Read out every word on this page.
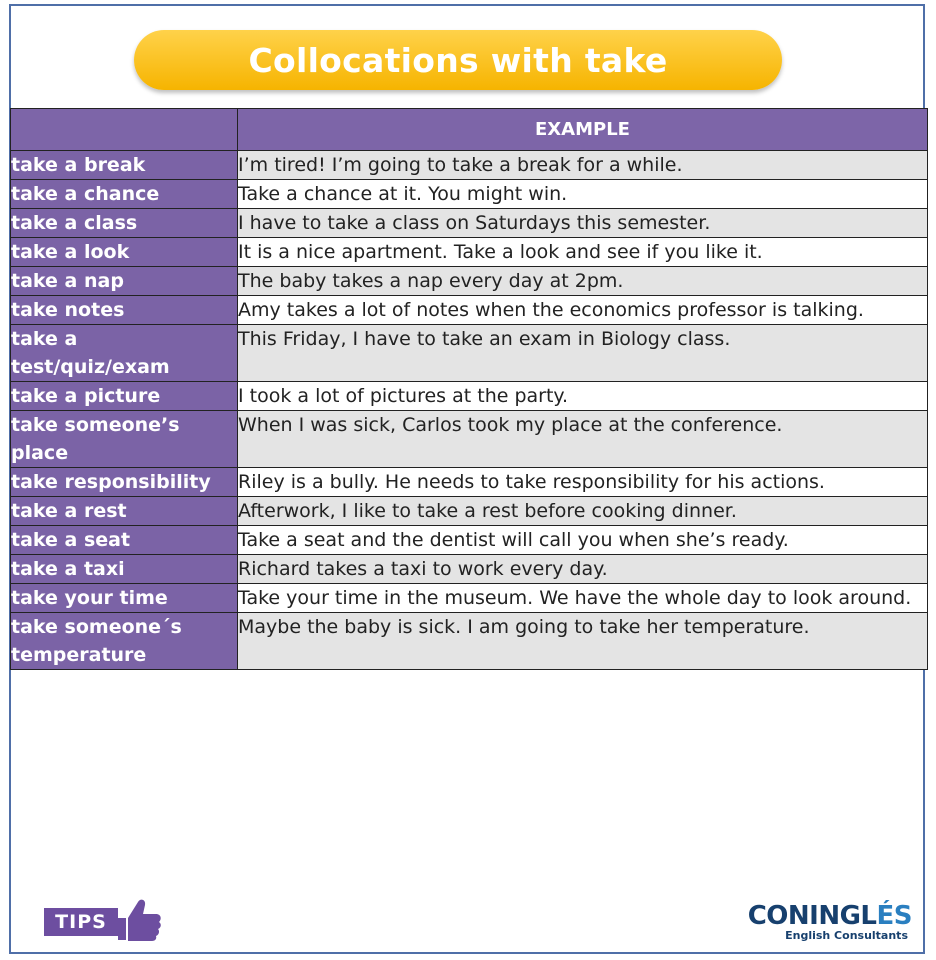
Collocations with take
	EXAMPLE
take a break	I’m tired! I’m going to take a break for a while.
take a chance	Take a chance at it. You might win.
take a class	I have to take a class on Saturdays this semester.
take a look	It is a nice apartment. Take a look and see if you like it.
take a nap	The baby takes a nap every day at 2pm.
take notes	Amy takes a lot of notes when the economics professor is talking.
take a test/quiz/exam	This Friday, I have to take an exam in Biology class.
take a picture	I took a lot of pictures at the party.
take someone’s place	When I was sick, Carlos took my place at the conference.
take responsibility	Riley is a bully. He needs to take responsibility for his actions.
take a rest	Afterwork, I like to take a rest before cooking dinner.
take a seat	Take a seat and the dentist will call you when she’s ready.
take a taxi	Richard takes a taxi to work every day.
take your time	Take your time in the museum. We have the whole day to look around.
take someone´s temperature	Maybe the baby is sick. I am going to take her temperature.
TIPS	CONINGLÉS
English Consultants
